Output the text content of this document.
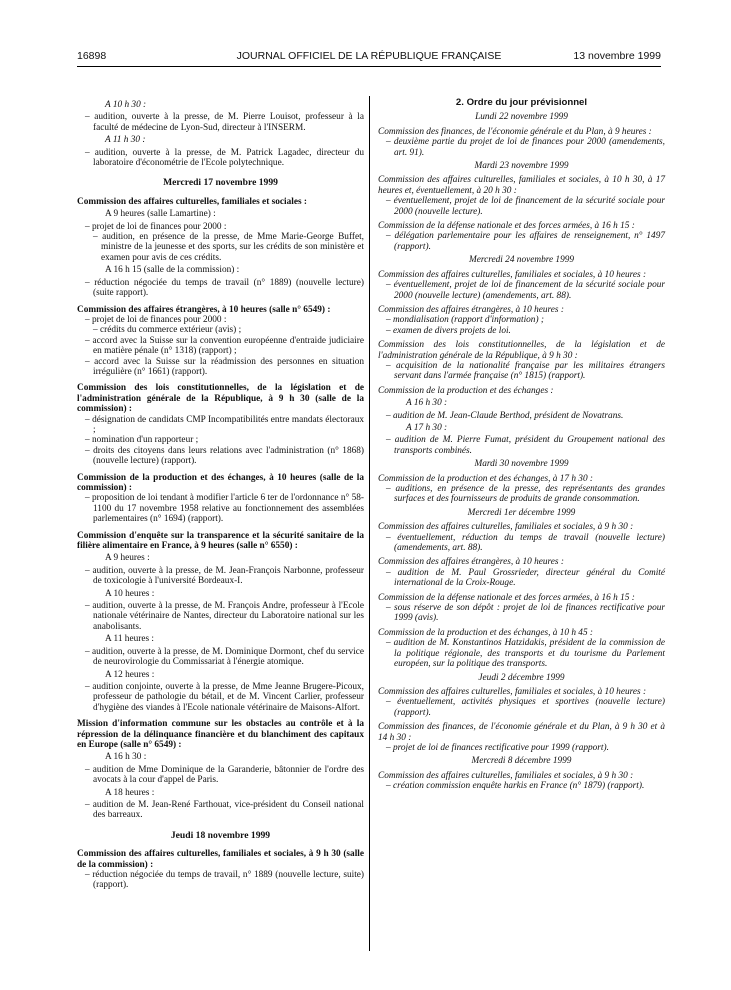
16898	JOURNAL OFFICIEL DE LA RÉPUBLIQUE FRANÇAISE	13 novembre 1999

A 10 h 30 :

– audition, ouverte à la presse, de M. Pierre Louisot, professeur à la faculté de médecine de Lyon-Sud, directeur à l'INSERM.

A 11 h 30 :

– audition, ouverte à la presse, de M. Patrick Lagadec, directeur du laboratoire d'économétrie de l'Ecole polytechnique.

Mercredi 17 novembre 1999

Commission des affaires culturelles, familiales et sociales :

A 9 heures (salle Lamartine) :

– projet de loi de finances pour 2000 :

– audition, en présence de la presse, de Mme Marie-George Buffet, ministre de la jeunesse et des sports, sur les crédits de son ministère et examen pour avis de ces crédits.

A 16 h 15 (salle de la commission) :

– réduction négociée du temps de travail (n° 1889) (nouvelle lecture) (suite rapport).

Commission des affaires étrangères, à 10 heures (salle n° 6549) :

– projet de loi de finances pour 2000 :

– crédits du commerce extérieur (avis) ;

– accord avec la Suisse sur la convention européenne d'entraide judiciaire en matière pénale (n° 1318) (rapport) ;

– accord avec la Suisse sur la réadmission des personnes en situation irrégulière (n° 1661) (rapport).

Commission des lois constitutionnelles, de la législation et de l'administration générale de la République, à 9 h 30 (salle de la commission) :

– désignation de candidats CMP Incompatibilités entre mandats électoraux ;

– nomination d'un rapporteur ;

– droits des citoyens dans leurs relations avec l'administration (n° 1868) (nouvelle lecture) (rapport).

Commission de la production et des échanges, à 10 heures (salle de la commission) :

– proposition de loi tendant à modifier l'article 6 ter de l'ordonnance n° 58-1100 du 17 novembre 1958 relative au fonctionnement des assemblées parlementaires (n° 1694) (rapport).

Commission d'enquête sur la transparence et la sécurité sanitaire de la filière alimentaire en France, à 9 heures (salle n° 6550) :

A 9 heures :

– audition, ouverte à la presse, de M. Jean-François Narbonne, professeur de toxicologie à l'université Bordeaux-I.

A 10 heures :

– audition, ouverte à la presse, de M. François Andre, professeur à l'Ecole nationale vétérinaire de Nantes, directeur du Laboratoire national sur les anabolisants.

A 11 heures :

– audition, ouverte à la presse, de M. Dominique Dormont, chef du service de neurovirologie du Commissariat à l'énergie atomique.

A 12 heures :

– audition conjointe, ouverte à la presse, de Mme Jeanne Brugere-Picoux, professeur de pathologie du bétail, et de M. Vincent Carlier, professeur d'hygiène des viandes à l'Ecole nationale vétérinaire de Maisons-Alfort.

Mission d'information commune sur les obstacles au contrôle et à la répression de la délinquance financière et du blanchiment des capitaux en Europe (salle n° 6549) :

A 16 h 30 :

– audition de Mme Dominique de la Garanderie, bâtonnier de l'ordre des avocats à la cour d'appel de Paris.

A 18 heures :

– audition de M. Jean-René Farthouat, vice-président du Conseil national des barreaux.

Jeudi 18 novembre 1999

Commission des affaires culturelles, familiales et sociales, à 9 h 30 (salle de la commission) :

– réduction négociée du temps de travail, n° 1889 (nouvelle lecture, suite) (rapport).

2. Ordre du jour prévisionnel

Lundi 22 novembre 1999

Commission des finances, de l'économie générale et du Plan, à 9 heures :

– deuxième partie du projet de loi de finances pour 2000 (amendements, art. 91).

Mardi 23 novembre 1999

Commission des affaires culturelles, familiales et sociales, à 10 h 30, à 17 heures et, éventuellement, à 20 h 30 :

– éventuellement, projet de loi de financement de la sécurité sociale pour 2000 (nouvelle lecture).

Commission de la défense nationale et des forces armées, à 16 h 15 :

– délégation parlementaire pour les affaires de renseignement, n° 1497 (rapport).

Mercredi 24 novembre 1999

Commission des affaires culturelles, familiales et sociales, à 10 heures :

– éventuellement, projet de loi de financement de la sécurité sociale pour 2000 (nouvelle lecture) (amendements, art. 88).

Commission des affaires étrangères, à 10 heures :

– mondialisation (rapport d'information) ;

– examen de divers projets de loi.

Commission des lois constitutionnelles, de la législation et de l'administration générale de la République, à 9 h 30 :

– acquisition de la nationalité française par les militaires étrangers servant dans l'armée française (n° 1815) (rapport).

Commission de la production et des échanges :

A 16 h 30 :

– audition de M. Jean-Claude Berthod, président de Novatrans.

A 17 h 30 :

– audition de M. Pierre Fumat, président du Groupement national des transports combinés.

Mardi 30 novembre 1999

Commission de la production et des échanges, à 17 h 30 :

– auditions, en présence de la presse, des représentants des grandes surfaces et des fournisseurs de produits de grande consommation.

Mercredi 1er décembre 1999

Commission des affaires culturelles, familiales et sociales, à 9 h 30 :

– éventuellement, réduction du temps de travail (nouvelle lecture) (amendements, art. 88).

Commission des affaires étrangères, à 10 heures :

– audition de M. Paul Grossrieder, directeur général du Comité international de la Croix-Rouge.

Commission de la défense nationale et des forces armées, à 16 h 15 :

– sous réserve de son dépôt : projet de loi de finances rectificative pour 1999 (avis).

Commission de la production et des échanges, à 10 h 45 :

– audition de M. Konstantinos Hatzidakis, président de la commission de la politique régionale, des transports et du tourisme du Parlement européen, sur la politique des transports.

Jeudi 2 décembre 1999

Commission des affaires culturelles, familiales et sociales, à 10 heures :

– éventuellement, activités physiques et sportives (nouvelle lecture) (rapport).

Commission des finances, de l'économie générale et du Plan, à 9 h 30 et à 14 h 30 :

– projet de loi de finances rectificative pour 1999 (rapport).

Mercredi 8 décembre 1999

Commission des affaires culturelles, familiales et sociales, à 9 h 30 :

– création commission enquête harkis en France (n° 1879) (rapport).
